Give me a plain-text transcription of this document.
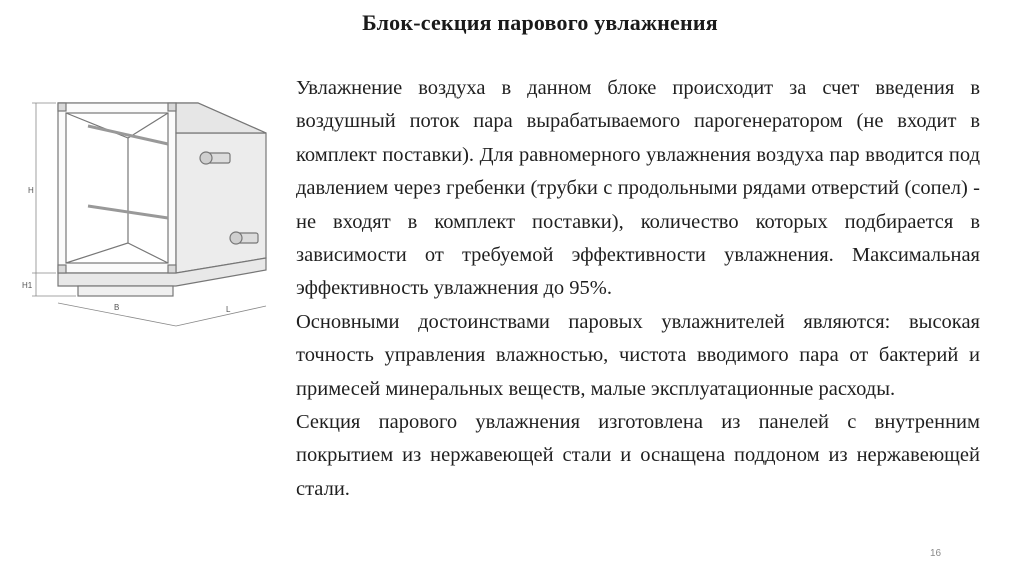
Блок-секция парового увлажнения
H
H1
B	L

Увлажнение воздуха в данном блоке происходит за счет введения в воздушный поток пара вырабатываемого парогенератором (не входит в комплект поставки). Для равномерного увлажнения воздуха пар вводится под давлением через гребенки (трубки с продольными рядами отверстий (сопел) - не входят в комплект поставки), количество которых подбирается в зависимости от требуемой эффективности увлажнения. Максимальная эффективность увлажнения до 95%.

Основными достоинствами паровых увлажнителей являются: высокая точность управления влажностью, чистота вводимого пара от бактерий и примесей минеральных веществ, малые эксплуатационные расходы.

Секция парового увлажнения изготовлена из панелей с внутренним покрытием из нержавеющей стали и оснащена поддоном из нержавеющей стали.

16
